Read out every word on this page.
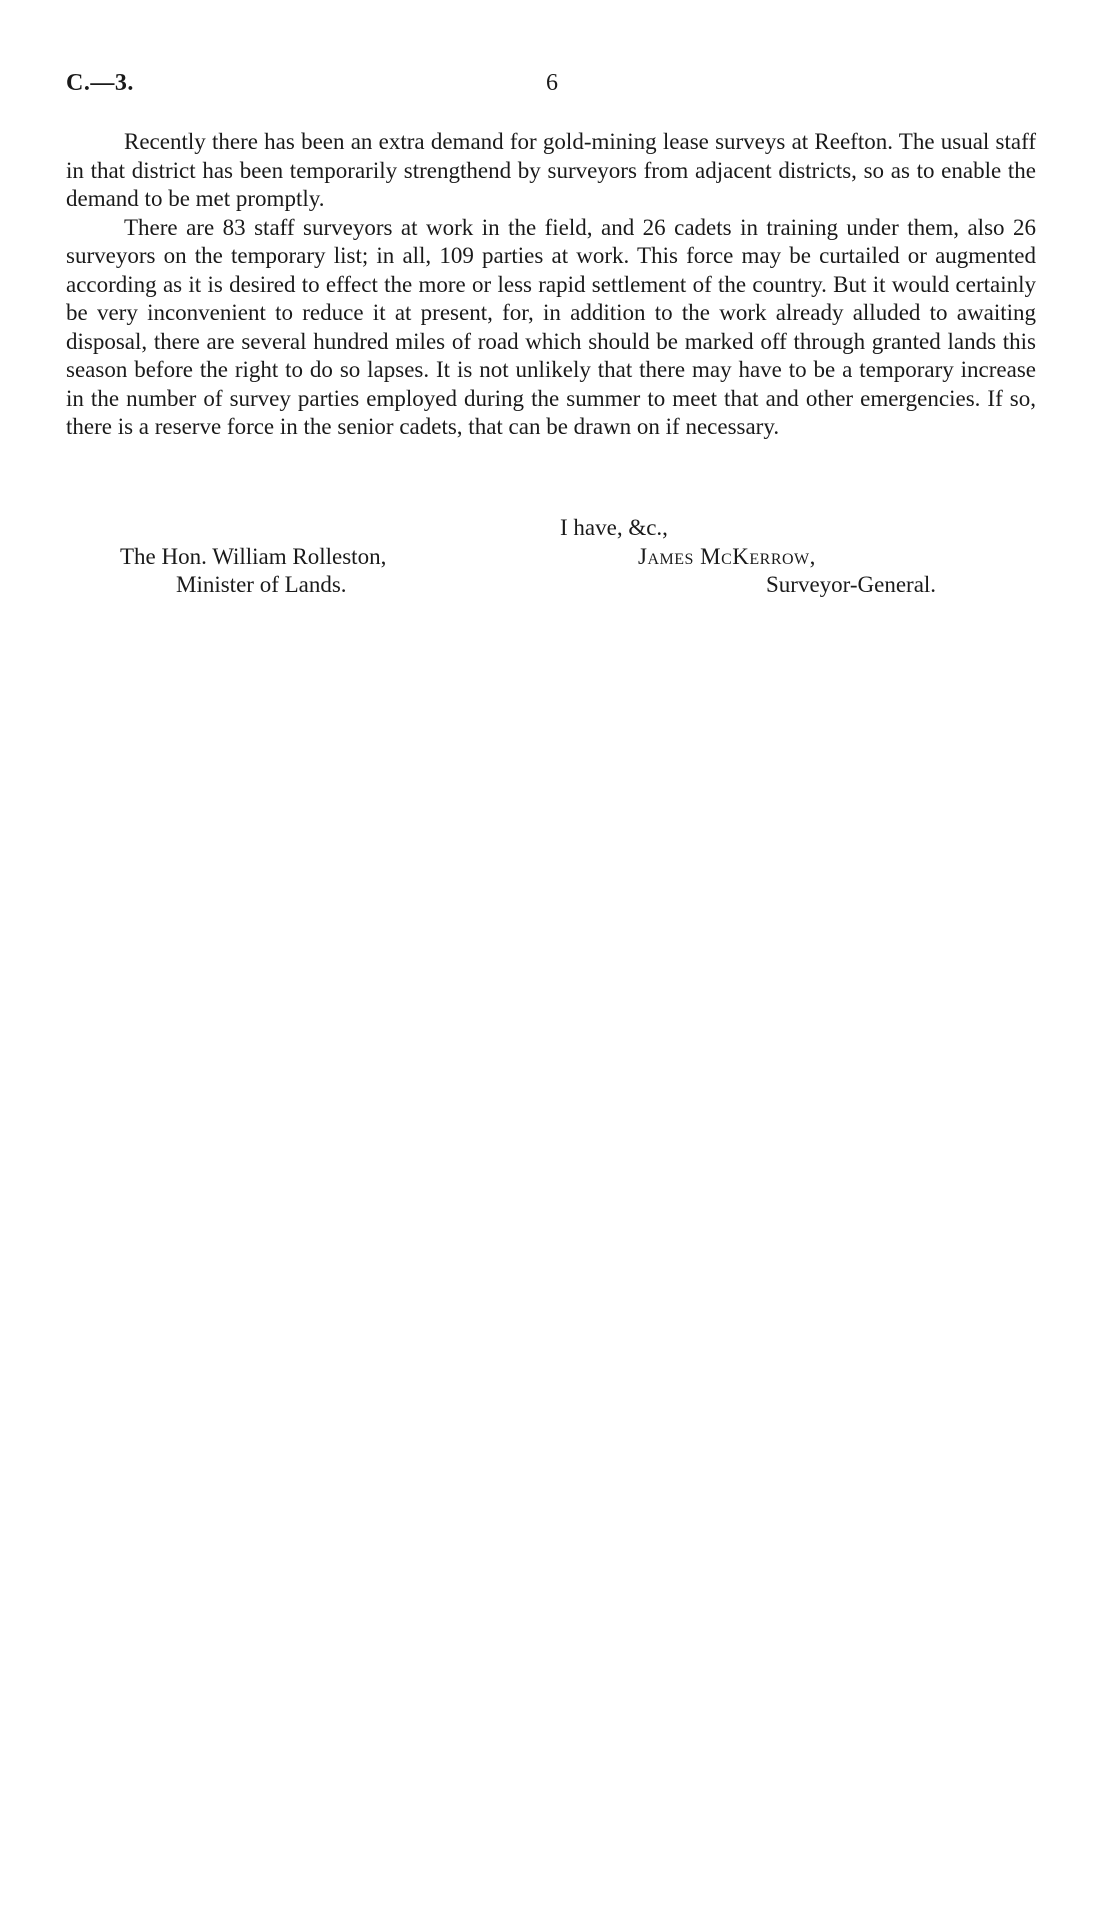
C.—3.	6

Recently there has been an extra demand for gold-mining lease surveys at Reefton. The usual staff in that district has been temporarily strengthend by surveyors from adjacent districts, so as to enable the demand to be met promptly.

There are 83 staff surveyors at work in the field, and 26 cadets in training under them, also 26 surveyors on the temporary list; in all, 109 parties at work. This force may be curtailed or augmented according as it is desired to effect the more or less rapid settlement of the country. But it would certainly be very inconvenient to reduce it at present, for, in addition to the work already alluded to awaiting disposal, there are several hundred miles of road which should be marked off through granted lands this season before the right to do so lapses. It is not unlikely that there may have to be a temporary increase in the number of survey parties employed during the summer to meet that and other emergencies. If so, there is a reserve force in the senior cadets, that can be drawn on if necessary.

I have, &c.,
The Hon. William Rolleston,
Minister of Lands.
James McKerrow,
Surveyor-General.
